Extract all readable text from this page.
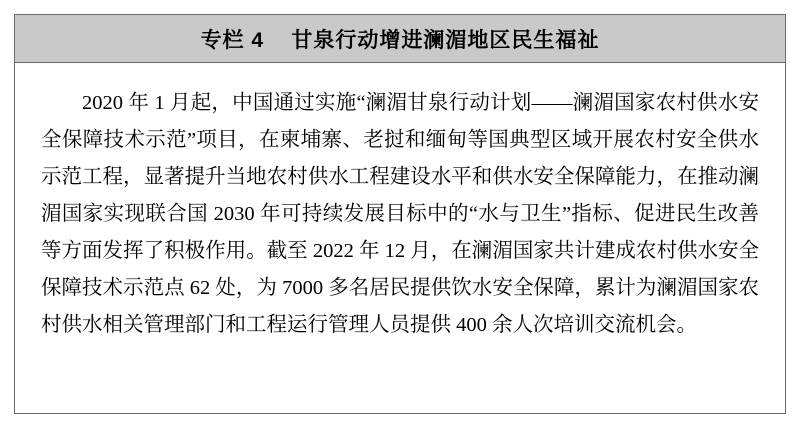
专栏 4    甘泉行动增进澜湄地区民生福祉

2020 年 1 月起，中国通过实施“澜湄甘泉行动计划——澜湄国家农村供水安全保障技术示范”项目，在柬埔寨、老挝和缅甸等国典型区域开展农村安全供水示范工程，显著提升当地农村供水工程建设水平和供水安全保障能力，在推动澜湄国家实现联合国 2030 年可持续发展目标中的“水与卫生”指标、促进民生改善等方面发挥了积极作用。截至 2022 年 12 月，在澜湄国家共计建成农村供水安全保障技术示范点 62 处，为 7000 多名居民提供饮水安全保障，累计为澜湄国家农村供水相关管理部门和工程运行管理人员提供 400 余人次培训交流机会。
